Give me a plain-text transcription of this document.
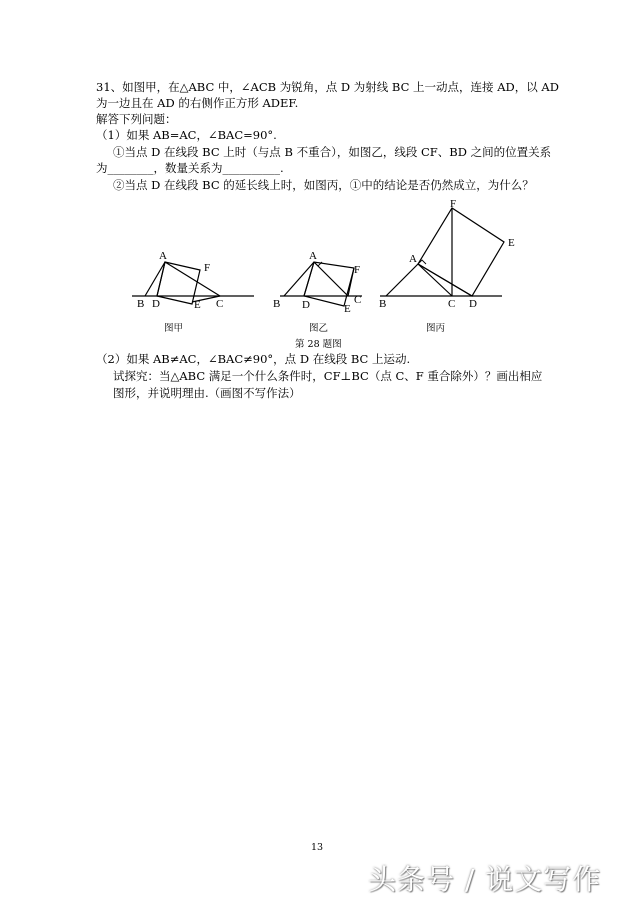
31、如图甲，在△ABC 中，∠ACB 为锐角，点 D 为射线 BC 上一动点，连接 AD，以 AD
为一边且在 AD 的右侧作正方形 ADEF.
解答下列问题：
（1）如果 AB=AC，∠BAC=90°.
①当点 D 在线段 BC 上时（与点 B 不重合），如图乙，线段 CF、BD 之间的位置关系
为________，数量关系为__________.
②当点 D 在线段 BC 的延长线上时，如图丙，①中的结论是否仍然成立，为什么？
A
F
B D	E C
图甲
A
F
B D	E
C
图乙
F
E
A
B	C D
图丙
第 28 题图
（2）如果 AB≠AC，∠BAC≠90°，点 D 在线段 BC 上运动.
试探究：当△ABC 满足一个什么条件时，CF⊥BC（点 C、F 重合除外）？画出相应
图形，并说明理由.（画图不写作法）
13
头条号 / 说文写作
